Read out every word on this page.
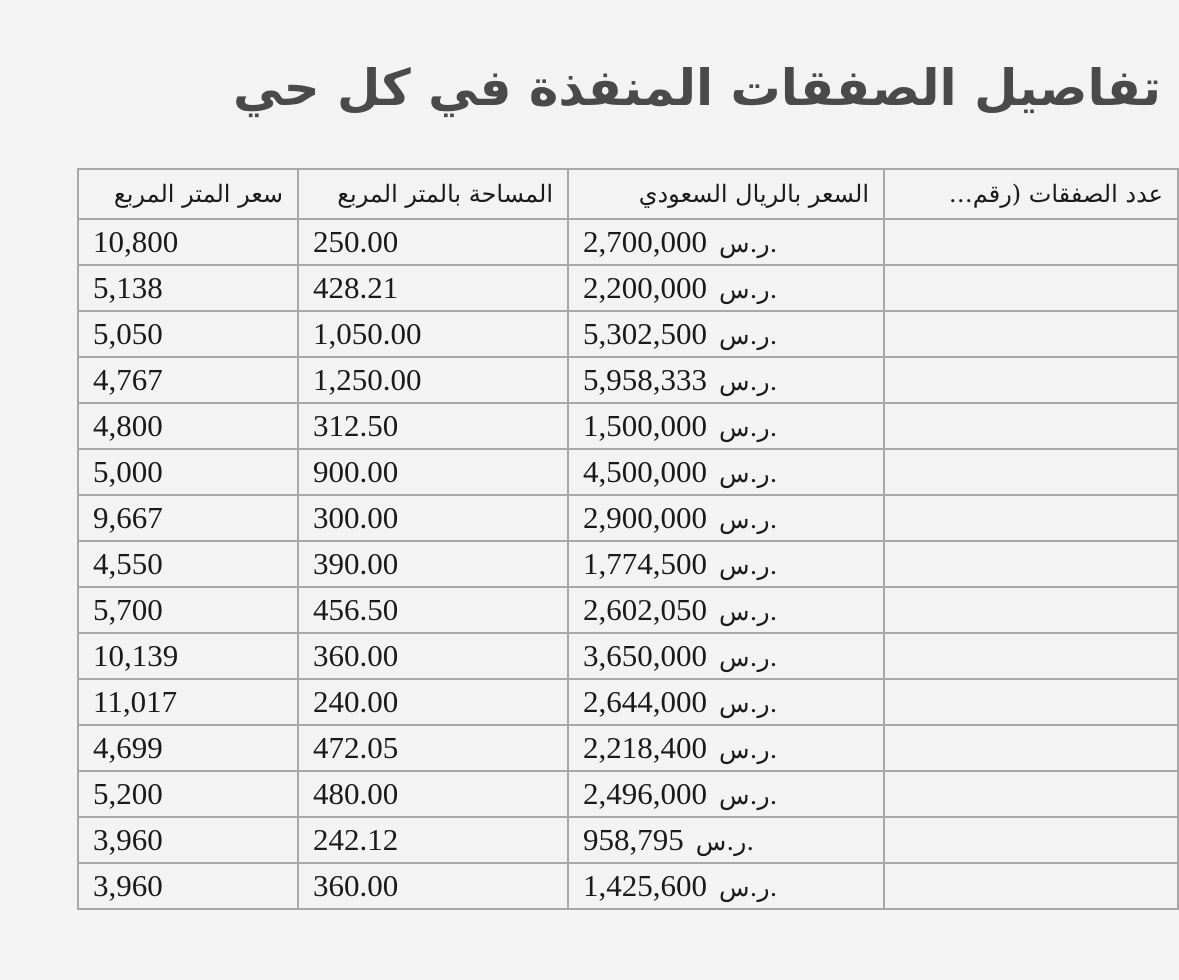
تفاصيل الصفقات المنفذة في كل حي
سعر المتر المربع	المساحة بالمتر المربع	السعر بالريال السعودي	عدد الصفقات (رقم…
10,800	250.00	2,700,000 ر.س.	
5,138	428.21	2,200,000 ر.س.	
5,050	1,050.00	5,302,500 ر.س.	
4,767	1,250.00	5,958,333 ر.س.	
4,800	312.50	1,500,000 ر.س.	
5,000	900.00	4,500,000 ر.س.	
9,667	300.00	2,900,000 ر.س.	
4,550	390.00	1,774,500 ر.س.	
5,700	456.50	2,602,050 ر.س.	
10,139	360.00	3,650,000 ر.س.	
11,017	240.00	2,644,000 ر.س.	
4,699	472.05	2,218,400 ر.س.	
5,200	480.00	2,496,000 ر.س.	
3,960	242.12	958,795 ر.س.	
3,960	360.00	1,425,600 ر.س.	
